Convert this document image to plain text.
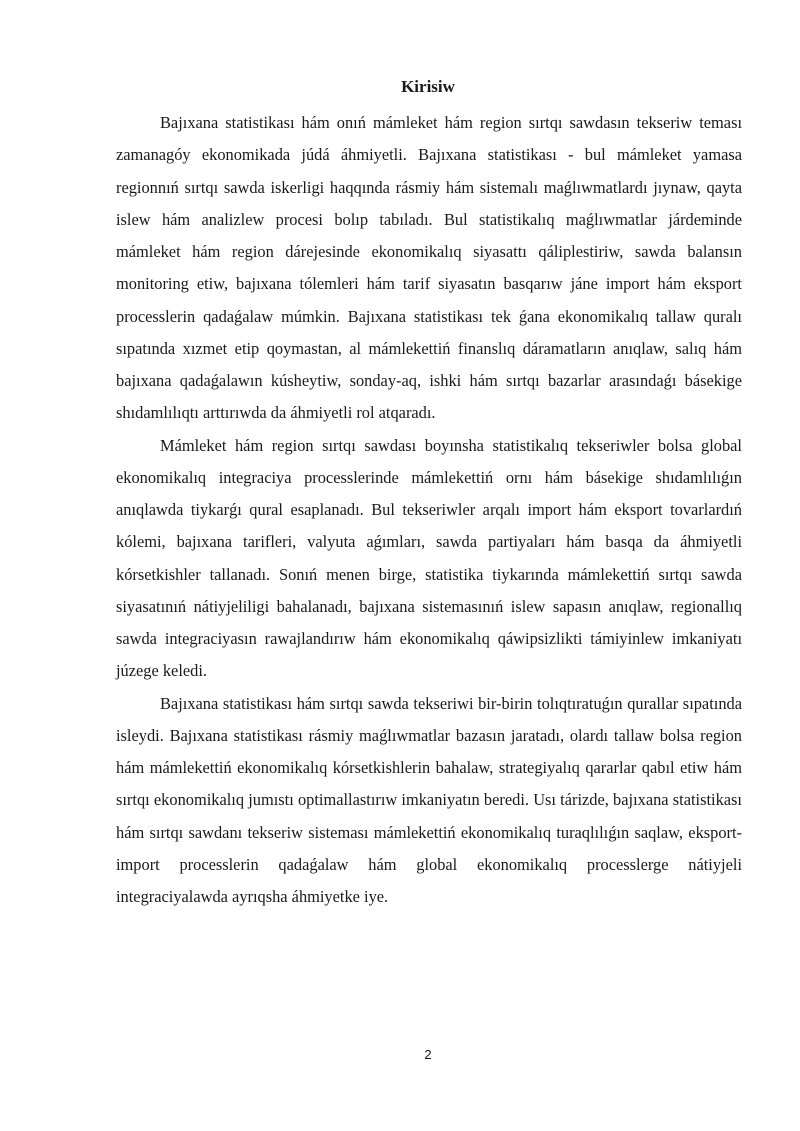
Kirisiw

Bajıxana statistikası hám onıń mámleket hám region sırtqı sawdasın tekseriw teması zamanagóy ekonomikada júdá áhmiyetli. Bajıxana statistikası - bul mámleket yamasa regionnıń sırtqı sawda iskerligi haqqında rásmiy hám sistemalı maǵlıwmatlardı jıynaw, qayta islew hám analizlew procesi bolıp tabıladı. Bul statistikalıq maǵlıwmatlar járdeminde mámleket hám region dárejesinde ekonomikalıq siyasattı qáliplestiriw, sawda balansın monitoring etiw, bajıxana tólemleri hám tarif siyasatın basqarıw jáne import hám eksport processlerin qadaǵalaw múmkin. Bajıxana statistikası tek ǵana ekonomikalıq tallaw quralı sıpatında xızmet etip qoymastan, al mámlekettiń finanslıq dáramatların anıqlaw, salıq hám bajıxana qadaǵalawın kúsheytiw, sonday-aq, ishki hám sırtqı bazarlar arasındaǵı básekige shıdamlılıqtı arttırıwda da áhmiyetli rol atqaradı.

Mámleket hám region sırtqı sawdası boyınsha statistikalıq tekseriwler bolsa global ekonomikalıq integraciya processlerinde mámlekettiń ornı hám básekige shıdamlılıǵın anıqlawda tiykarǵı qural esaplanadı. Bul tekseriwler arqalı import hám eksport tovarlardıń kólemi, bajıxana tarifleri, valyuta aǵımları, sawda partiyaları hám basqa da áhmiyetli kórsetkishler tallanadı. Sonıń menen birge, statistika tiykarında mámlekettiń sırtqı sawda siyasatınıń nátiyjeliligi bahalanadı, bajıxana sistemasınıń islew sapasın anıqlaw, regionallıq sawda integraciyasın rawajlandırıw hám ekonomikalıq qáwipsizlikti támiyinlew imkaniyatı júzege keledi.

Bajıxana statistikası hám sırtqı sawda tekseriwi bir-birin tolıqtıratuǵın qurallar sıpatında isleydi. Bajıxana statistikası rásmiy maǵlıwmatlar bazasın jaratadı, olardı tallaw bolsa region hám mámlekettiń ekonomikalıq kórsetkishlerin bahalaw, strategiyalıq qararlar qabıl etiw hám sırtqı ekonomikalıq jumıstı optimallastırıw imkaniyatın beredi. Usı tárizde, bajıxana statistikası hám sırtqı sawdanı tekseriw sisteması mámlekettiń ekonomikalıq turaqlılıǵın saqlaw, eksport-import processlerin qadaǵalaw hám global ekonomikalıq processlerge nátiyjeli integraciyalawda ayrıqsha áhmiyetke iye.

2
